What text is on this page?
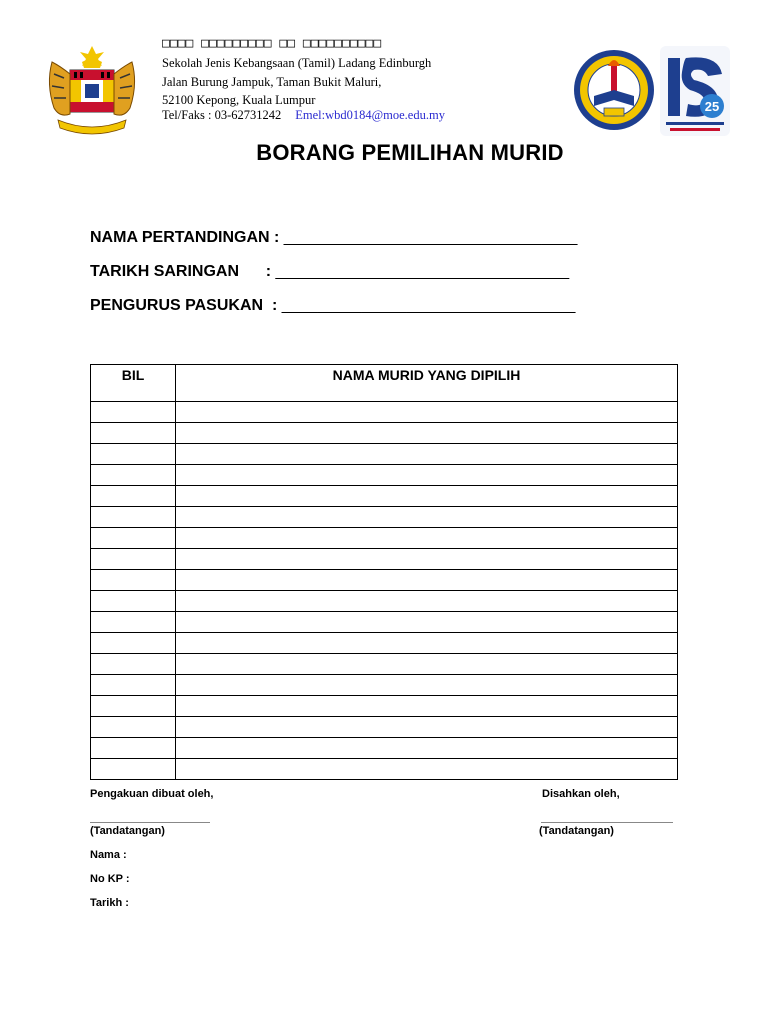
□□□□ □□□□□□□□□ □□ □□□□□□□□□□
Sekolah Jenis Kebangsaan (Tamil) Ladang Edinburgh
Jalan Burung Jampuk, Taman Bukit Maluri,
52100 Kepong, Kuala Lumpur
Tel/Faks : 03-62731242 Emel:wbd0184@moe.edu.my
25
BORANG PEMILIHAN MURID
NAMA PERTANDINGAN : _________________________________
TARIKH SARINGAN      : _________________________________
PENGURUS PASUKAN  : _________________________________
BIL	NAMA MURID YANG DIPILIH

Pengakuan dibuat oleh,	Disahkan oleh,
(Tandatangan)	(Tandatangan)
Nama :
No KP :
Tarikh :
